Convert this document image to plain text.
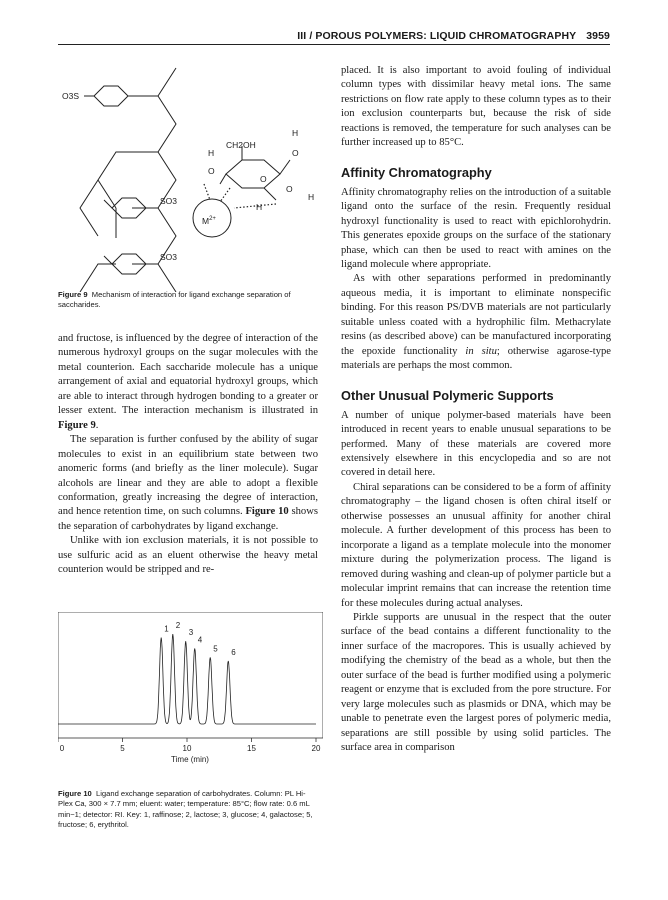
III / POROUS POLYMERS: LIQUID CHROMATOGRAPHY 3959
O3S
CH2OH
H
H
O
O
O
O
H
H
SO3
SO3
$M^{2+}$
Figure 9 Mechanism of interaction for ligand exchange separation of saccharides.

and fructose, is influenced by the degree of interaction of the numerous hydroxyl groups on the sugar molecules with the metal counterion. Each saccharide molecule has a unique arrangement of axial and equatorial hydroxyl groups, which are able to interact through hydrogen bonding to a greater or lesser extent. The interaction mechanism is illustrated in Figure 9.

The separation is further confused by the ability of sugar molecules to exist in an equilibrium state between two anomeric forms (and briefly as the liner molecule). Sugar alcohols are linear and they are able to adopt a flexible conformation, greatly increasing the degree of interaction, and hence retention time, on such columns. Figure 10 shows the separation of carbohydrates by ligand exchange.

Unlike with ion exclusion materials, it is not possible to use sulfuric acid as an eluent otherwise the heavy metal counterion would be stripped and re-

0	5	10	15	20
1 2
3
4
5 6
Time (min)
Figure 10 Ligand exchange separation of carbohydrates. Column: PL Hi-Plex Ca, 300 × 7.7 mm; eluent: water; temperature: 85°C; flow rate: 0.6 mL min−1; detector: RI. Key: 1, raffinose; 2, lactose; 3, glucose; 4, galactose; 5, fructose; 6, erythritol.

placed. It is also important to avoid fouling of individual column types with dissimilar heavy metal ions. The same restrictions on flow rate apply to these column types as to their ion exclusion counterparts but, because the risk of side reactions is removed, the temperature for such analyses can be further increased up to 85°C.

Affinity Chromatography

Affinity chromatography relies on the introduction of a suitable ligand onto the surface of the resin. Frequently residual hydroxyl functionality is used to react with epichlorohydrin. This generates epoxide groups on the surface of the stationary phase, which can then be used to react with amines on the ligand molecule where appropriate.

As with other separations performed in predominantly aqueous media, it is important to eliminate nonspecific binding. For this reason PS/DVB materials are not particularly suitable unless coated with a hydrophilic film. Methacrylate resins (as described above) can be manufactured incorporating the epoxide functionality in situ; otherwise agarose-type materials are perhaps the most common.

Other Unusual Polymeric Supports

A number of unique polymer-based materials have been introduced in recent years to enable unusual separations to be performed. Many of these materials are covered more extensively elsewhere in this encyclopedia and so are not covered in detail here.

Chiral separations can be considered to be a form of affinity chromatography – the ligand chosen is often chiral itself or otherwise possesses an unusual affinity for another chiral molecule. A further development of this process has been to incorporate a ligand as a template molecule into the monomer mixture during the polymerization process. The ligand is removed during washing and clean-up of polymer particle but a molecular imprint remains that can increase the retention time for these molecules during actual analyses.

Pirkle supports are unusual in the respect that the outer surface of the bead contains a different functionality to the inner surface of the macropores. This is usually achieved by modifying the chemistry of the bead as a whole, but then the outer surface of the bead is further modified using a polymeric reagent or enzyme that is excluded from the pore structure. For very large molecules such as plasmids or DNA, which may be unable to penetrate even the largest pores of polymeric media, separations are still possible by using solid particles. The surface area in comparison
